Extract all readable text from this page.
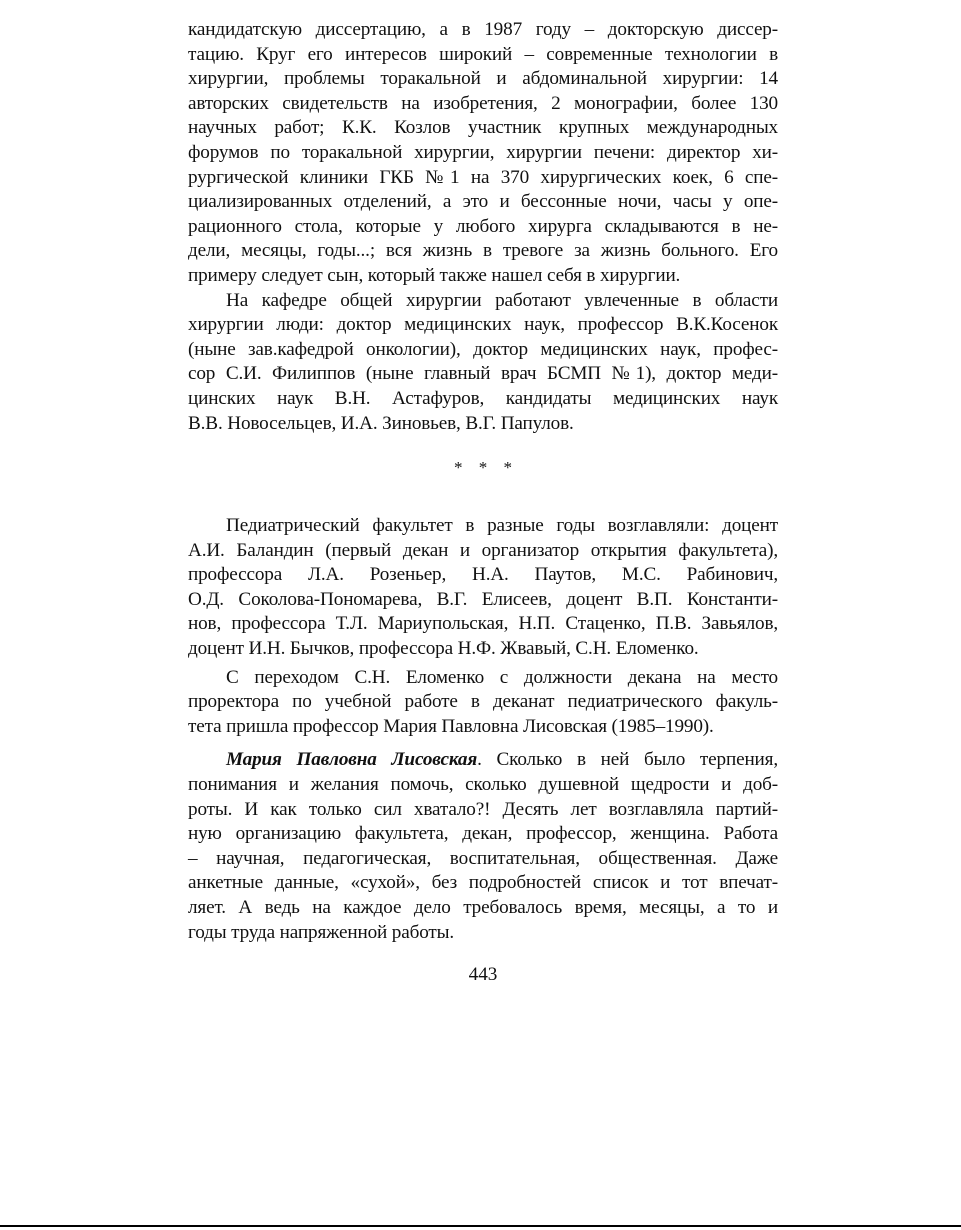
кандидатскую диссертацию, а в 1987 году – докторскую диссер-
тацию. Круг его интересов широкий – современные технологии в
хирургии, проблемы торакальной и абдоминальной хирургии: 14
авторских свидетельств на изобретения, 2 монографии, более 130
научных работ; К.К. Козлов участник крупных международных
форумов по торакальной хирургии, хирургии печени: директор хи-
рургической клиники ГКБ №1 на 370 хирургических коек, 6 спе-
циализированных отделений, а это и бессонные ночи, часы у опе-
рационного стола, которые у любого хирурга складываются в не-
дели, месяцы, годы...; вся жизнь в тревоге за жизнь больного. Его
примеру следует сын, который также нашел себя в хирургии.
На кафедре общей хирургии работают увлеченные в области
хирургии люди: доктор медицинских наук, профессор В.К.Косенок
(ныне зав.кафедрой онкологии), доктор медицинских наук, профес-
сор С.И. Филиппов (ныне главный врач БСМП №1), доктор меди-
цинских наук В.Н. Астафуров, кандидаты медицинских наук
В.В. Новосельцев, И.А. Зиновьев, В.Г. Папулов.
* * *
Педиатрический факультет в разные годы возглавляли: доцент
А.И. Баландин (первый декан и организатор открытия факультета),
профессора Л.А. Розеньер, Н.А. Паутов, М.С. Рабинович,
О.Д. Соколова-Пономарева, В.Г. Елисеев, доцент В.П. Константи-
нов, профессора Т.Л. Мариупольская, Н.П. Стаценко, П.В. Завьялов,
доцент И.Н. Бычков, профессора Н.Ф. Жвавый, С.Н. Еломенко.
С переходом С.Н. Еломенко с должности декана на место
проректора по учебной работе в деканат педиатрического факуль-
тета пришла профессор Мария Павловна Лисовская (1985–1990).
Мария Павловна Лисовская. Сколько в ней было терпения,
понимания и желания помочь, сколько душевной щедрости и доб-
роты. И как только сил хватало?! Десять лет возглавляла партий-
ную организацию факультета, декан, профессор, женщина. Работа
– научная, педагогическая, воспитательная, общественная. Даже
анкетные данные, «сухой», без подробностей список и тот впечат-
ляет. А ведь на каждое дело требовалось время, месяцы, а то и
годы труда напряженной работы.
443
